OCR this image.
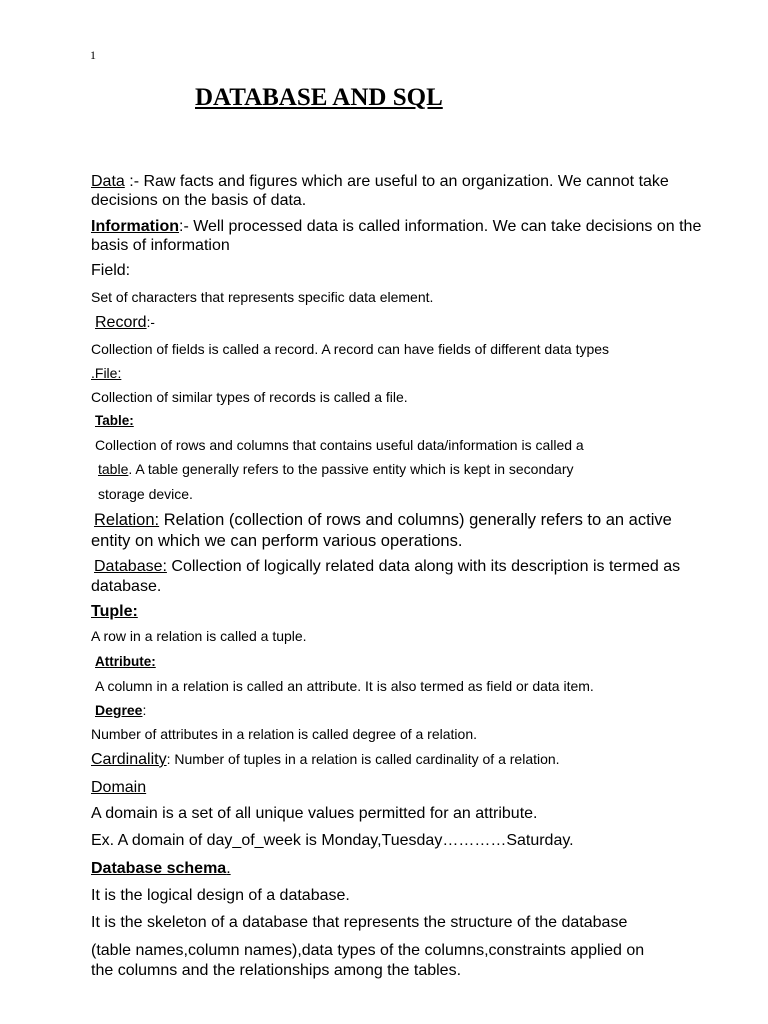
1
DATABASE AND SQL
Data :- Raw facts and figures which are useful to an organization. We cannot take
decisions on the basis of data.
Information:- Well processed data is called information. We can take decisions on the
basis of information
Field:
Set of characters that represents specific data element.
Record:-
Collection of fields is called a record. A record can have fields of different data types
.File:
Collection of similar types of records is called a file.
Table:
Collection of rows and columns that contains useful data/information is called a
table. A table generally refers to the passive entity which is kept in secondary
storage device.
Relation: Relation (collection of rows and columns) generally refers to an active
entity on which we can perform various operations.
Database: Collection of logically related data along with its description is termed as
database.
Tuple:
A row in a relation is called a tuple.
Attribute:
A column in a relation is called an attribute. It is also termed as field or data item.
Degree:
Number of attributes in a relation is called degree of a relation.
Cardinality: Number of tuples in a relation is called cardinality of a relation.
Domain
A domain is a set of all unique values permitted for an attribute.
Ex. A domain of day_of_week is Monday,Tuesday…………Saturday.
Database schema.
It is the logical design of a database.
It is the skeleton of a database that represents the structure of the database
(table names,column names),data types of the columns,constraints applied on
the columns and the relationships among the tables.
